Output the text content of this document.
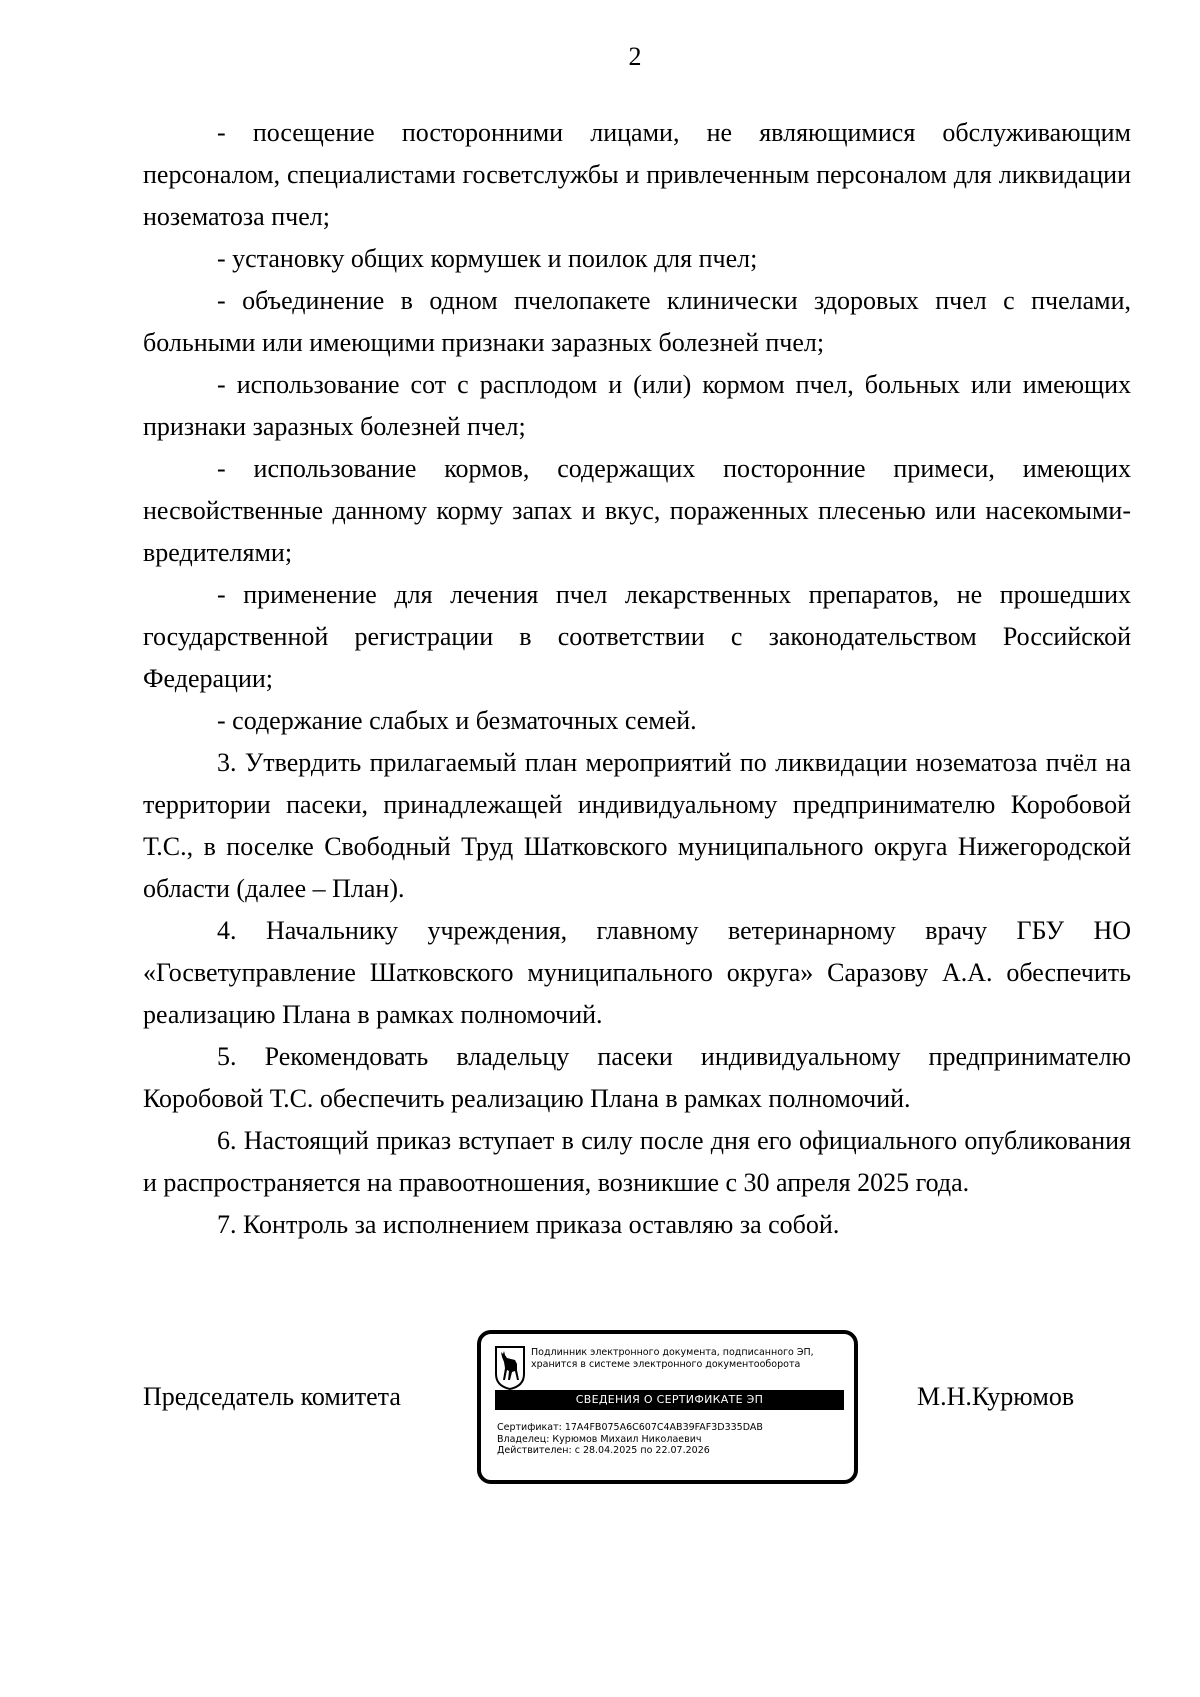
2

- посещение посторонними лицами, не являющимися обслуживающим персоналом, специалистами госветслужбы и привлеченным персоналом для ликвидации нозематоза пчел;

- установку общих кормушек и поилок для пчел;

- объединение в одном пчелопакете клинически здоровых пчел с пчелами, больными или имеющими признаки заразных болезней пчел;

- использование сот с расплодом и (или) кормом пчел, больных или имеющих признаки заразных болезней пчел;

- использование кормов, содержащих посторонние примеси, имеющих несвойственные данному корму запах и вкус, пораженных плесенью или насекомыми-вредителями;

- применение для лечения пчел лекарственных препаратов, не прошедших государственной регистрации в соответствии с законодательством Российской Федерации;

- содержание слабых и безматочных семей.

3. Утвердить прилагаемый план мероприятий по ликвидации нозематоза пчёл на территории пасеки, принадлежащей индивидуальному предпринимателю Коробовой Т.С., в поселке Свободный Труд Шатковского муниципального округа Нижегородской области (далее – План).

4. Начальнику учреждения, главному ветеринарному врачу ГБУ НО «Госветуправление Шатковского муниципального округа» Саразову А.А. обеспечить реализацию Плана в рамках полномочий.

5. Рекомендовать владельцу пасеки индивидуальному предпринимателю Коробовой Т.С. обеспечить реализацию Плана в рамках полномочий.

6. Настоящий приказ вступает в силу после дня его официального опубликования и распространяется на правоотношения, возникшие с 30 апреля 2025 года.

7. Контроль за исполнением приказа оставляю за собой.

Председатель комитета
Подлинник электронного документа, подписанного ЭП,
хранится в системе электронного документооборота
СВЕДЕНИЯ О СЕРТИФИКАТЕ ЭП
Сертификат: 17A4FB075A6C607C4AB39FAF3D335DAB
Владелец: Курюмов Михаил Николаевич
Действителен: с 28.04.2025 по 22.07.2026
М.Н.Курюмов
